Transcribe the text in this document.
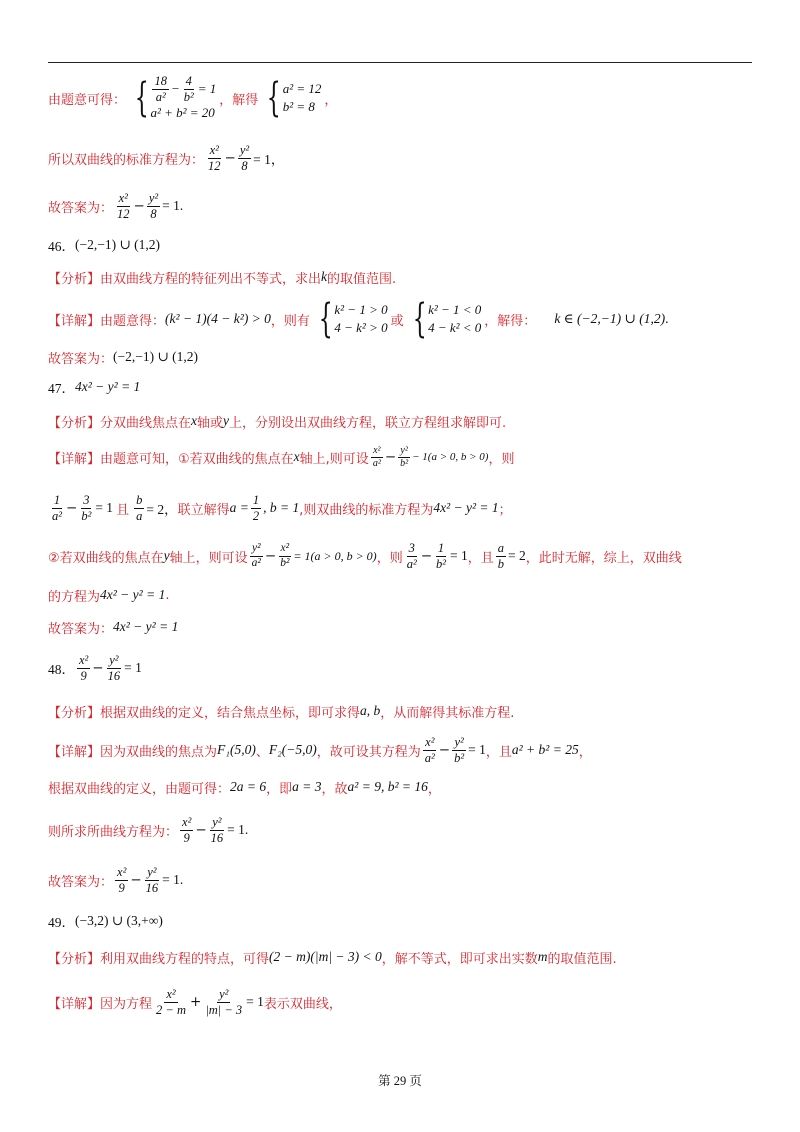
由题意可得： { 18
a²
− $\frac{4}{\text{b²}} = 1$
a² + b² = 20
，解得 { a² = 12
b² = 8 ，
所以双曲线的标准方程为：
x²
$12 - \frac{\text{y²}}{8} = 1$，
故答案为：
x²
$12 - \frac{\text{y²}}{8} = 1$.
46． (−2,−1) ∪ (1,2)
【分析】 由双曲线方程的特征列出不等式，求出 k 的取值范围.
【详解】 由题意得： (k² − 1)(4 − k²) > 0 ，则有 { k² − 1 > 0
4 − k² > 0 或 { k² − 1 < 0
4 − k² < 0 ，解得： k ∈ (−2,−1) ∪ (1,2) .
故答案为： (−2,−1) ∪ (1,2)
47． 4x² − y² = 1
【分析】 分双曲线焦点在 x 轴或 y 上，分别设出双曲线方程，联立方程组求解即可.
【详解】 由题意可知，①若双曲线的焦点在 x 轴上,则可设
x²
a² − y²
b² − 1(a > 0, b > 0) ，则
1
$a^2 - \frac{3}{\text{b²}} = 1$ 且 $\frac{b}{a} = 2$， 联立解得 $a = \frac{1}{2}$ , b = 1 ,则双曲线的标准方程为 4x² − y² = 1 ；
②若双曲线的焦点在 y 轴上，则可设
y²
$a^2 - \frac{\text{x²}}{\text{b²}} = 1(a > 0$, b > 0) ，则
3
$a^2 - \frac{1}{\text{b²}} = 1$ ，且 $\frac{a}{b} = 2$ ，此时无解，综上，双曲线
的方程为 4x² − y² = 1 .
故答案为： 4x² − y² = 1
48．
x²
$9 - \frac{\text{y²}}{16} = 1$
【分析】 根据双曲线的定义，结合焦点坐标，即可求得 a, b ，从而解得其标准方程.
【详解】 因为双曲线的焦点为 F₁(5,0) 、 F₂(−5,0) ，故可设其方程为
x²
$a^2 - \frac{\text{y²}}{\text{b²}} = 1$ ，且 a² + b² = 25 ，
根据双曲线的定义，由题可得： 2a = 6 ，即 a = 3 ，故 a² = 9, b² = 16 ，
则所求所曲线方程为：
x²
$9 - \frac{\text{y²}}{16} = 1$.
故答案为：
x²
$9 - \frac{\text{y²}}{16} = 1$.
49． (−3,2) ∪ (3,+∞)
【分析】 利用双曲线方程的特点，可得 (2 − m)(|m| − 3) < 0 ，解不等式，即可求出实数 m 的取值范围.
【详解】 因为方程
x²
$2 - m + \frac{\text{y²}}{|m| - 3} = 1$ 表示双曲线，
第 29 页
